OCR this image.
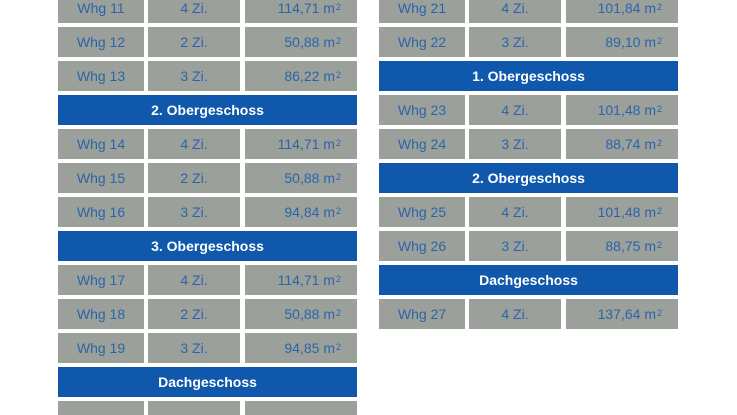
Whg 11	4 Zi.	114,71 m 2
Whg 12	2 Zi.	50,88 m 2
Whg 13	3 Zi.	86,22 m 2
2. Obergeschoss
Whg 14	4 Zi.	114,71 m 2
Whg 15	2 Zi.	50,88 m 2
Whg 16	3 Zi.	94,84 m 2
3. Obergeschoss
Whg 17	4 Zi.	114,71 m 2
Whg 18	2 Zi.	50,88 m 2
Whg 19	3 Zi.	94,85 m 2
Dachgeschoss
Whg 21	4 Zi.	101,84 m 2
Whg 22	3 Zi.	89,10 m 2
1. Obergeschoss
Whg 23	4 Zi.	101,48 m 2
Whg 24	3 Zi.	88,74 m 2
2. Obergeschoss
Whg 25	4 Zi.	101,48 m 2
Whg 26	3 Zi.	88,75 m 2
Dachgeschoss
Whg 27	4 Zi.	137,64 m 2
